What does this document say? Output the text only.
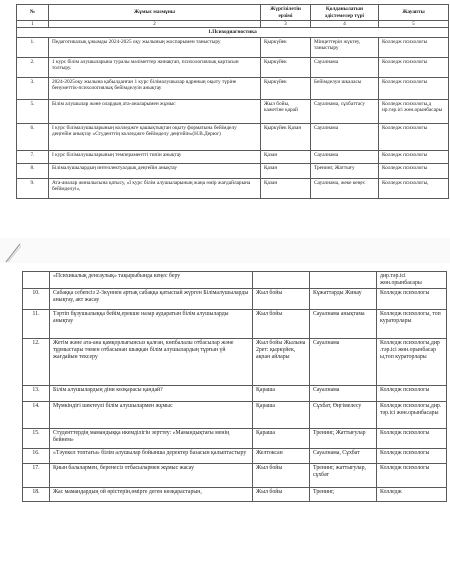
№	Жұмыс мазмұны	Жүргізілетін ерзімі	Қолданылатын әдістемелер түрі	Жауапты
1	2	3	4	5
1.Психодиагностика				
1.	Педагогикалық ұжымды 2024-2025 оқу жылының жоспарымен таныстыру	Қыркүйек	Мінцеттерін жүктеу, таныстыру	Колледж психологы
2.	1 курс білім алушыларына туралы мәліметтер жинақтап, психологиялық картасын толтыру.	Қыркүйек	Сауалнама	Колледж психологы
3.	2024-2025оқу жылына қабылданған 1 курс білімалушылар ядрнның оқыту түріне бенуметтік-психологиялық бейімделуін анықтау	Қыркүйек	Бейімделуи шкаласы	Колледж психологы
5.	Білім алушылар және олардың ата-аналарымен жұмыс	Жыл бойы, кажетіне қарай	Сауалнама, сұхбаттасу	Колледж психологы,д ир.тәр.ісі жөн.орынбасары
6.	І курс білімалушыларының колледжге қашықтықтан оқыту форматына бейімделу деңгейін анықтау «Студенттің колледжге бейімделу деңгейін»(Н.В.Дерюг)	Қыркүйек Қазан	Сауалнама	Колледж психологы
7.	І курс білімалушыларының темпераментті типін анықтау	Қазан	Сауалнама	Колледж психологы
8.	Білімалушылардың интеллектуалдық деңгейін анықтау	Қазан	Тренинг, Жаттығу	Колледж психологы
9.	Ата-аналар жиналысына қатысу, «І курс білім алушыларының жаңа өмір жағдайларына бейімделуі»,	Қазан	Сауалнама, жеке кеңес	Колледж психологы,
	«Психикалық денсаулық» тақырыбында кеңес беру			дир.тәр.ісі жөн.орынбасары
10.	Сабаққа себепсіз 2-3күннен артық сабаққа қатыспай жүрген Білімалушыларды анықтау, акт жасау	Жыл бойы	Кұжаттарды Жинау	Колледж психологы
11.	Тәртіп бұзушылыққа бейім,ерекше назар аударатын білім алушыларды анықтау	Жыл бойы	Сауалнама анықтама	Колледж психологы, топ кураторлары
12.	Жетім және ата-ана қамқорлығынсыз қалған, көпбалалы отбасылар және тұрмыстары төмен отбасынан шыққан білім алушылардың тұрғын үй жағдайын тексеру	Жыл бойы Жылына 2рет: қыркүйек, ақпан айлары	Сауалнама	Колледж психологы,дир .тәр.ісі жөн.орынбасар ы,топ кураторлары
13.	Білім алушылардың діни көзқарасы қандай?	Қараша	Сауалнама	Колледж психологы
14.	Мүмкіндігі шектеулі білім алушылармен жұмыс	Қараша	Сұхбат, Өңгімелесу	Колледж психологы,дир. тәр.ісі жөн.орынбасары
15.	Студенттердің мамандыққа икемділігін зерттеу: «Мамандықтағы менің бейнем»	Қараша	Тренинг, Жаттығулар	Колледж психологы
16.	«Тәуекел топтағы» білім алушылар бойынша деректер базасын қалыптастыру	Желтоксан	Сауалнама, Сұхбат	Колледж психологы
17.	Қиын балалармен, беренесіз отбасылармен жұмыс жасау	Жыл бойы	Тренинг, жаттығулар, сұхбат	Колледж психологы
18.	Жас мамандардың ой өрістерін,өмірге деген көзқарастарын,	Жыл бойы	Тренинг,	Колледж
